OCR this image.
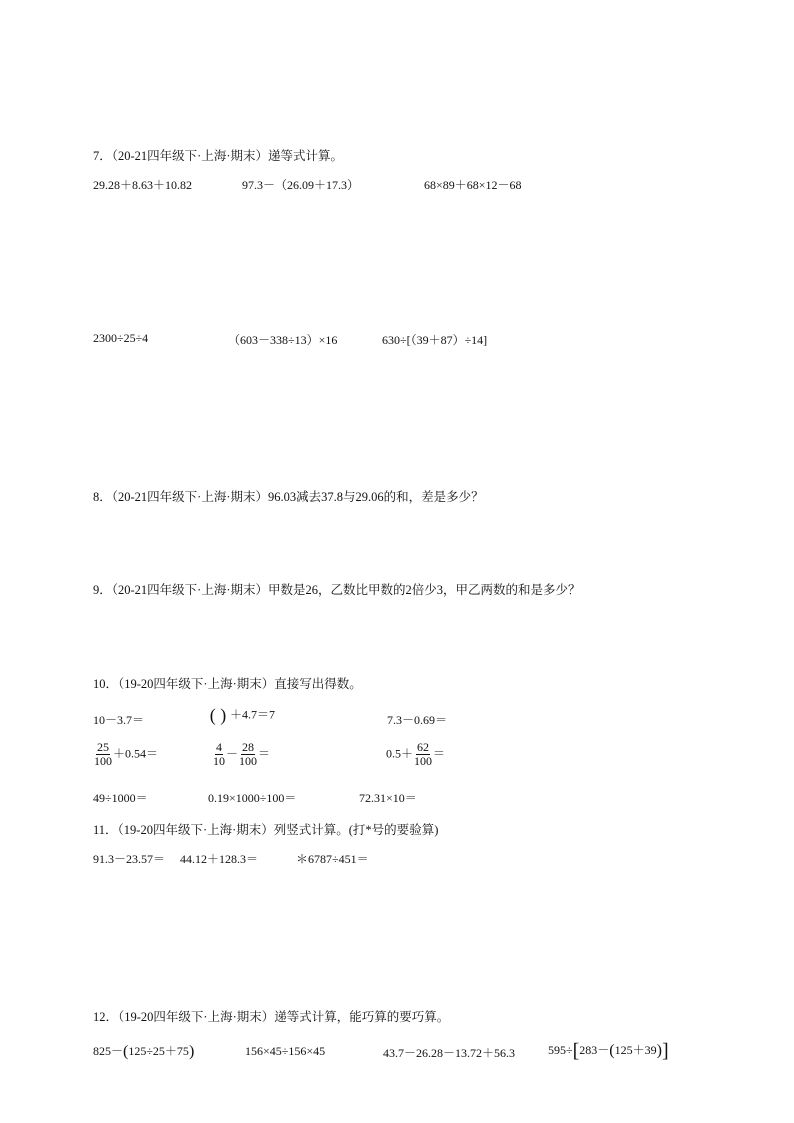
7．（20-21四年级下·上海·期末）递等式计算。
29.28＋8.63＋10.82	97.3－（26.09＋17.3）	68×89＋68×12－68
2300÷25÷4	（603－338÷13）×16	630÷[（39＋87）÷14]
8．（20-21四年级下·上海·期末）96.03减去37.8与29.06的和，差是多少？
9．（20-21四年级下·上海·期末）甲数是26，乙数比甲数的2倍少3，甲乙两数的和是多少？
10．（19-20四年级下·上海·期末）直接写出得数。
10－3.7＝	( ) ＋4.7＝7	7.3－0.69＝
$\frac{25}{100} +0.54=$	$\frac{4}{10} - \frac{28}{100}$ ＝	$0.5+ \frac{62}{100}$ ＝
49÷1000＝	0.19×1000÷100＝	72.31×10＝
11．（19-20四年级下·上海·期末）列竖式计算。(打*号的要验算)
91.3－23.57＝ 44.12＋128.3＝	＊6787÷451＝
12．（19-20四年级下·上海·期末）递等式计算，能巧算的要巧算。
825－(125÷25＋75)	156×45÷156×45	43.7－26.28－13.72＋56.3	595÷[283－(125＋39)]
